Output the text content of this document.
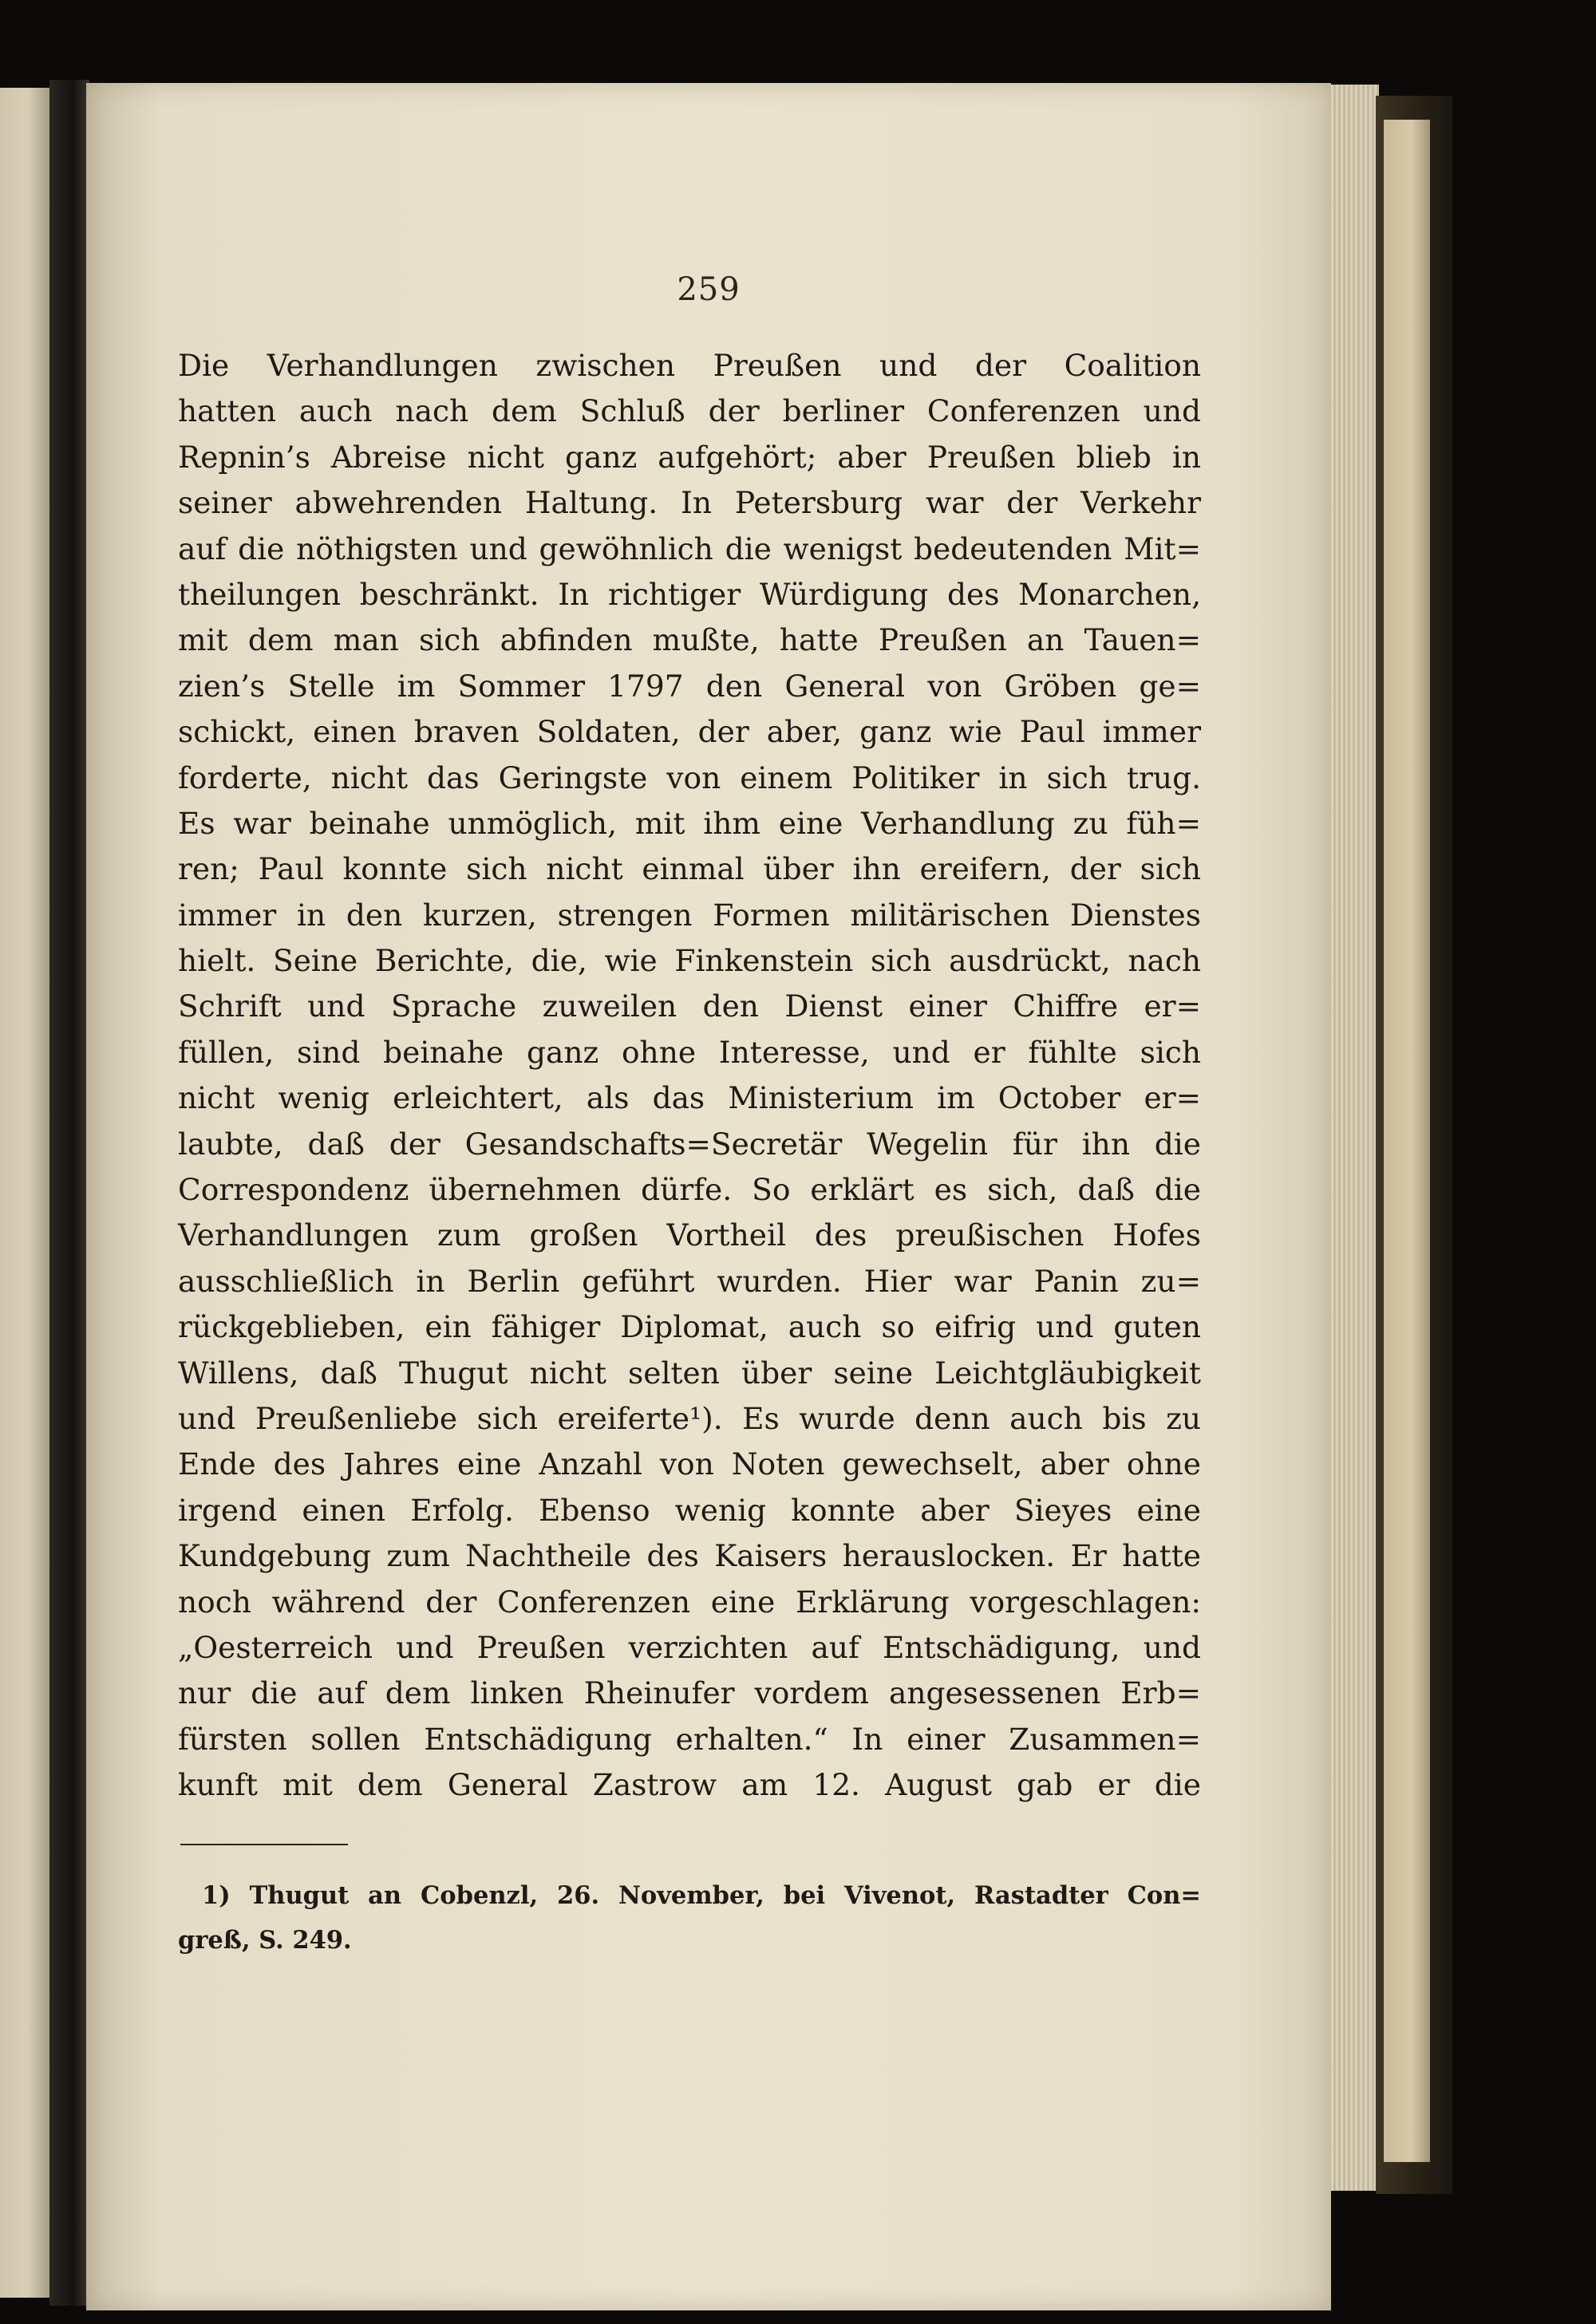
259
Die Verhandlungen zwischen Preußen und der Coalition
hatten auch nach dem Schluß der berliner Conferenzen und
Repnin’s Abreise nicht ganz aufgehört; aber Preußen blieb in
seiner abwehrenden Haltung. In Petersburg war der Verkehr
auf die nöthigsten und gewöhnlich die wenigst bedeutenden Mit=
theilungen beschränkt. In richtiger Würdigung des Monarchen,
mit dem man sich abfinden mußte, hatte Preußen an Tauen=
zien’s Stelle im Sommer 1797 den General von Gröben ge=
schickt, einen braven Soldaten, der aber, ganz wie Paul immer
forderte, nicht das Geringste von einem Politiker in sich trug.
Es war beinahe unmöglich, mit ihm eine Verhandlung zu füh=
ren; Paul konnte sich nicht einmal über ihn ereifern, der sich
immer in den kurzen, strengen Formen militärischen Dienstes
hielt. Seine Berichte, die, wie Finkenstein sich ausdrückt, nach
Schrift und Sprache zuweilen den Dienst einer Chiffre er=
füllen, sind beinahe ganz ohne Interesse, und er fühlte sich
nicht wenig erleichtert, als das Ministerium im October er=
laubte, daß der Gesandschafts=Secretär Wegelin für ihn die
Correspondenz übernehmen dürfe. So erklärt es sich, daß die
Verhandlungen zum großen Vortheil des preußischen Hofes
ausschließlich in Berlin geführt wurden. Hier war Panin zu=
rückgeblieben, ein fähiger Diplomat, auch so eifrig und guten
Willens, daß Thugut nicht selten über seine Leichtgläubigkeit
und Preußenliebe sich ereiferte¹). Es wurde denn auch bis zu
Ende des Jahres eine Anzahl von Noten gewechselt, aber ohne
irgend einen Erfolg. Ebenso wenig konnte aber Sieyes eine
Kundgebung zum Nachtheile des Kaisers herauslocken. Er hatte
noch während der Conferenzen eine Erklärung vorgeschlagen:
„Oesterreich und Preußen verzichten auf Entschädigung, und
nur die auf dem linken Rheinufer vordem angesessenen Erb=
fürsten sollen Entschädigung erhalten.“ In einer Zusammen=
kunft mit dem General Zastrow am 12. August gab er die
1) Thugut an Cobenzl, 26. November, bei Vivenot, Rastadter Con=
greß, S. 249.
